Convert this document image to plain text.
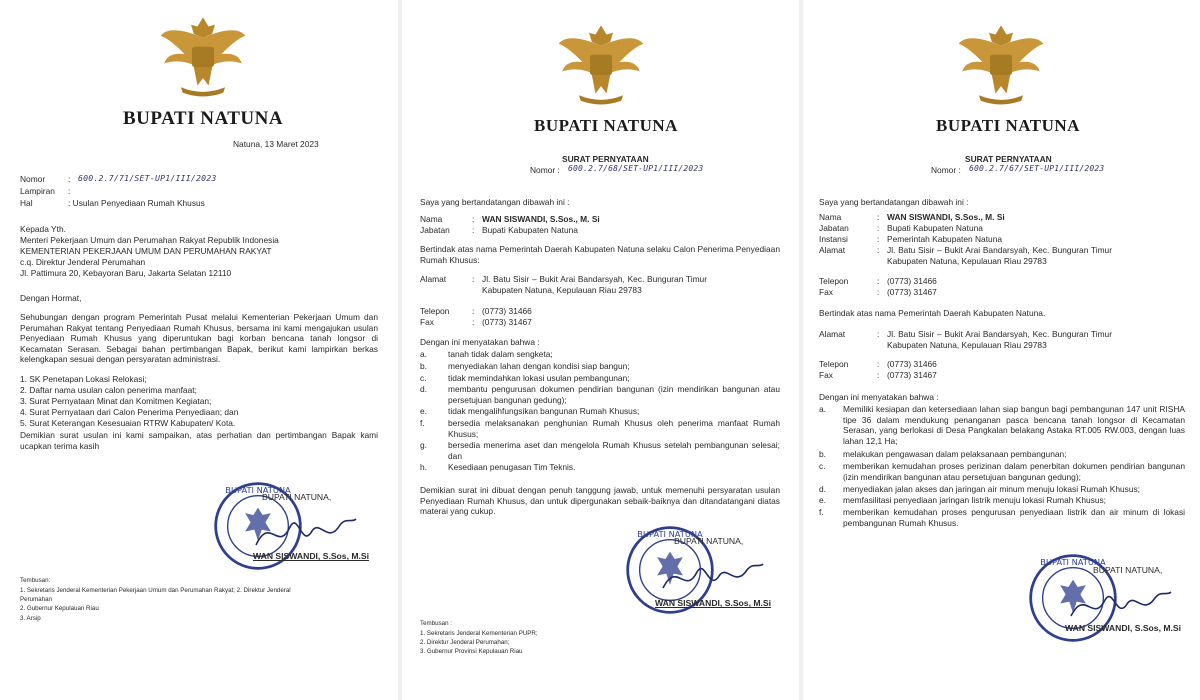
BUPATI NATUNA
Natuna, 13 Maret 2023
Nomor	: 600.2.7/71/SET-UP1/III/2023
Lampiran :
Hal	: Usulan Penyediaan Rumah Khusus
Kepada Yth.
Menteri Pekerjaan Umum dan Perumahan Rakyat Republik Indonesia
KEMENTERIAN PEKERJAAN UMUM DAN PERUMAHAN RAKYAT
c.q. Direktur Jenderal Perumahan
Jl. Pattimura 20, Kebayoran Baru, Jakarta Selatan 12110
Dengan Hormat,
Sehubungan dengan program Pemerintah Pusat melalui Kementerian Pekerjaan Umum dan Perumahan Rakyat tentang Penyediaan Rumah Khusus, bersama ini kami mengajukan usulan Penyediaan Rumah Khusus yang diperuntukan bagi korban bencana tanah longsor di Kecamatan Serasan. Sebagai bahan pertimbangan Bapak, berikut kami lampirkan berkas kelengkapan sesuai dengan persyaratan administrasi.
1. SK Penetapan Lokasi Relokasi;
2. Daftar nama usulan calon penerima manfaat;
3. Surat Pernyataan Minat dan Komitmen Kegiatan;
4. Surat Pernyataan dari Calon Penerima Penyediaan; dan
5. Surat Keterangan Kesesuaian RTRW Kabupaten/ Kota.
Demikian surat usulan ini kami sampaikan, atas perhatian dan pertimbangan Bapak kami ucapkan terima kasih
BUPATI NATUNA
BUPATI NATUNA,
WAN SISWANDI, S.Sos, M.Si
Tembusan:
1. Sekretaris Jenderal Kementerian Pekerjaan Umum dan Perumahan Rakyat; 2. Direktur Jenderal
Perumahan
2. Gubernur Kepulauan Riau
3. Arsip
BUPATI NATUNA
SURAT PERNYATAAN
Nomor : 600.2.7/68/SET-UP1/III/2023
Saya yang bertandatangan dibawah ini :
Nama	: WAN SISWANDI, S.Sos., M. Si
Jabatan	: Bupati Kabupaten Natuna
Bertindak atas nama Pemerintah Daerah Kabupaten Natuna selaku Calon Penerima Penyediaan Rumah Khusus:
Alamat	: Jl. Batu Sisir – Bukit Arai Bandarsyah, Kec. Bunguran Timur Kabupaten Natuna, Kepulauan Riau 29783
Telepon	: (0773) 31466
Fax	: (0773) 31467
Dengan ini menyatakan bahwa :
a.	tanah tidak dalam sengketa;
b.	menyediakan lahan dengan kondisi siap bangun;
c.	tidak memindahkan lokasi usulan pembangunan;
d.	membantu pengurusan dokumen pendirian bangunan (izin mendirikan bangunan atau persetujuan bangunan gedung);
e.	tidak mengalihfungsikan bangunan Rumah Khusus;
f.	bersedia melaksanakan penghunian Rumah Khusus oleh penerima manfaat Rumah Khusus;
g.	bersedia menerima aset dan mengelola Rumah Khusus setelah pembangunan selesai; dan
h.	Kesediaan penugasan Tim Teknis.
Demikian surat ini dibuat dengan penuh tanggung jawab, untuk memenuhi persyaratan usulan Penyediaan Rumah Khusus, dan untuk dipergunakan sebaik-baiknya dan ditandatangani diatas materai yang cukup.
BUPATI NATUNA
BUPATI NATUNA,
WAN SISWANDI, S.Sos, M.Si
Tembusan :
1. Sekretaris Jenderal Kementerian PUPR;
2. Direktur Jenderal Perumahan;
3. Gubernur Provinsi Kepulauan Riau
BUPATI NATUNA
SURAT PERNYATAAN
Nomor : 600.2.7/67/SET-UP1/III/2023
Saya yang bertandatangan dibawah ini :
Nama	: WAN SISWANDI, S.Sos., M. Si
Jabatan	: Bupati Kabupaten Natuna
Instansi	: Pemerintah Kabupaten Natuna
Alamat	: Jl. Batu Sisir – Bukit Arai Bandarsyah, Kec. Bunguran Timur Kabupaten Natuna, Kepulauan Riau 29783
Telepon	: (0773) 31466
Fax	: (0773) 31467
Bertindak atas nama Pemerintah Daerah Kabupaten Natuna.
Alamat	: Jl. Batu Sisir – Bukit Arai Bandarsyah, Kec. Bunguran Timur Kabupaten Natuna, Kepulauan Riau 29783
Telepon	: (0773) 31466
Fax	: (0773) 31467
Dengan ini menyatakan bahwa :
a. Memiliki kesiapan dan ketersediaan lahan siap bangun bagi pembangunan 147 unit RISHA tipe 36 dalam mendukung penanganan pasca bencana tanah longsor di Kecamatan Serasan, yang berlokasi di Desa Pangkalan belakang Astaka RT.005 RW.003, dengan luas lahan 12,1 Ha;
b. melakukan pengawasan dalam pelaksanaan pembangunan;
c. memberikan kemudahan proses perizinan dalam penerbitan dokumen pendirian bangunan (izin mendirikan bangunan atau persetujuan bangunan gedung);
d. menyediakan jalan akses dan jaringan air minum menuju lokasi Rumah Khusus;
e. memfasilitasi penyediaan jaringan listrik menuju lokasi Rumah Khusus;
f. memberikan kemudahan proses pengurusan penyediaan listrik dan air minum di lokasi pembangunan Rumah Khusus.
BUPATI NATUNA
BUPATI NATUNA,
WAN SISWANDI, S.Sos, M.Si
